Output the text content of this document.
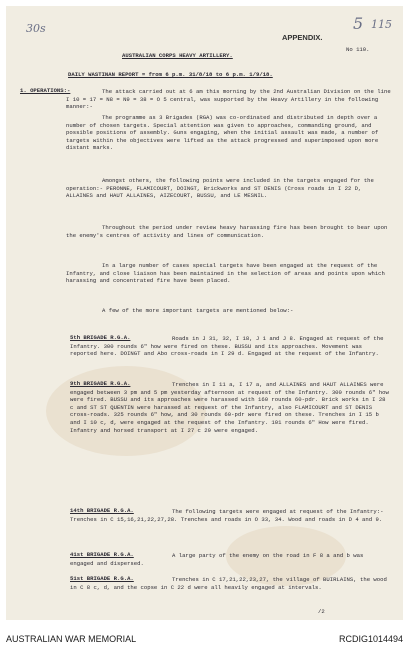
30s	5 115
APPENDIX.
No 110.
AUSTRALIAN CORPS HEAVY ARTILLERY.
DAILY WASTINAN REPORT = from 6 p.m. 31/8/18 to 6 p.m. 1/9/18.
1. OPERATIONS:-	The attack carried out at 6 am this morning by the 2nd Australian Division on the line I 10 = 17 = N8 = N9 = 38 = O 5 central, was supported by the Heavy Artillery in the following manner:-
The programme as 3 Brigades (RGA) was co-ordinated and distributed in depth over a number of chosen targets. Special attention was given to approaches, commanding ground, and possible positions of assembly. Guns engaging, when the initial assault was made, a number of targets within the objectives were lifted as the attack progressed and superimposed upon more distant marks.
Amongst others, the following points were included in the targets engaged for the operation:- PERONNE, FLAMICOURT, DOINGT, Brickworks and ST DENIS (Cross roads in I 22 D, ALLAINES and HAUT ALLAINES, AIZECOURT, BUSSU, and LE MESNIL.
Throughout the period under review heavy harassing fire has been brought to bear upon the enemy's centres of activity and lines of communication.
In a large number of cases special targets have been engaged at the request of the Infantry, and close liaison has been maintained in the selection of areas and points upon which harassing and concentrated fire have been placed.
A few of the more important targets are mentioned below:-
5th BRIGADE R.G.A.	Roads in J 31, 32, I 18, J 1 and J 8. Engaged at request of the Infantry. 300 rounds 6" how were fired on these. BUSSU and its approaches. Movement was reported here. DOINGT and Abo cross-roads in I 29 d. Engaged at the request of the Infantry.
9th BRIGADE R.G.A.	Trenches in I 11 a, I 17 a, and ALLAINES and HAUT ALLAINES were engaged between 3 pm and 5 pm yesterday afternoon at request of the Infantry. 300 rounds 6" how were fired. BUSSU and its approaches were harassed with 160 rounds 60-pdr. Brick works in I 28 c and ST ST QUENTIN were harassed at request of the Infantry, also FLAMICOURT and ST DENIS cross-roads. 325 rounds 6" how, and 30 rounds 60-pdr were fired on these. Trenches in I 15 b and I 10 c, d, were engaged at the request of the Infantry. 101 rounds 6" How were fired. Infantry and horsed transport at I 27 c 29 were engaged.
14th BRIGADE R.G.A.	The following targets were engaged at request of the Infantry:- Trenches in C 15,16,21,22,27,28. Trenches and roads in O 33, 34. Wood and roads in D 4 and 9.
41st BRIGADE R.G.A.	A large party of the enemy on the road in F 8 a and b was engaged and dispersed.
51st BRIGADE R.G.A.	Trenches in C 17,21,22,23,27, the village of BUIRLAINS, the wood in C 8 c, d, and the copse in C 22 d were all heavily engaged at intervals.
/2
AUSTRALIAN WAR MEMORIAL	RCDIG1014494
